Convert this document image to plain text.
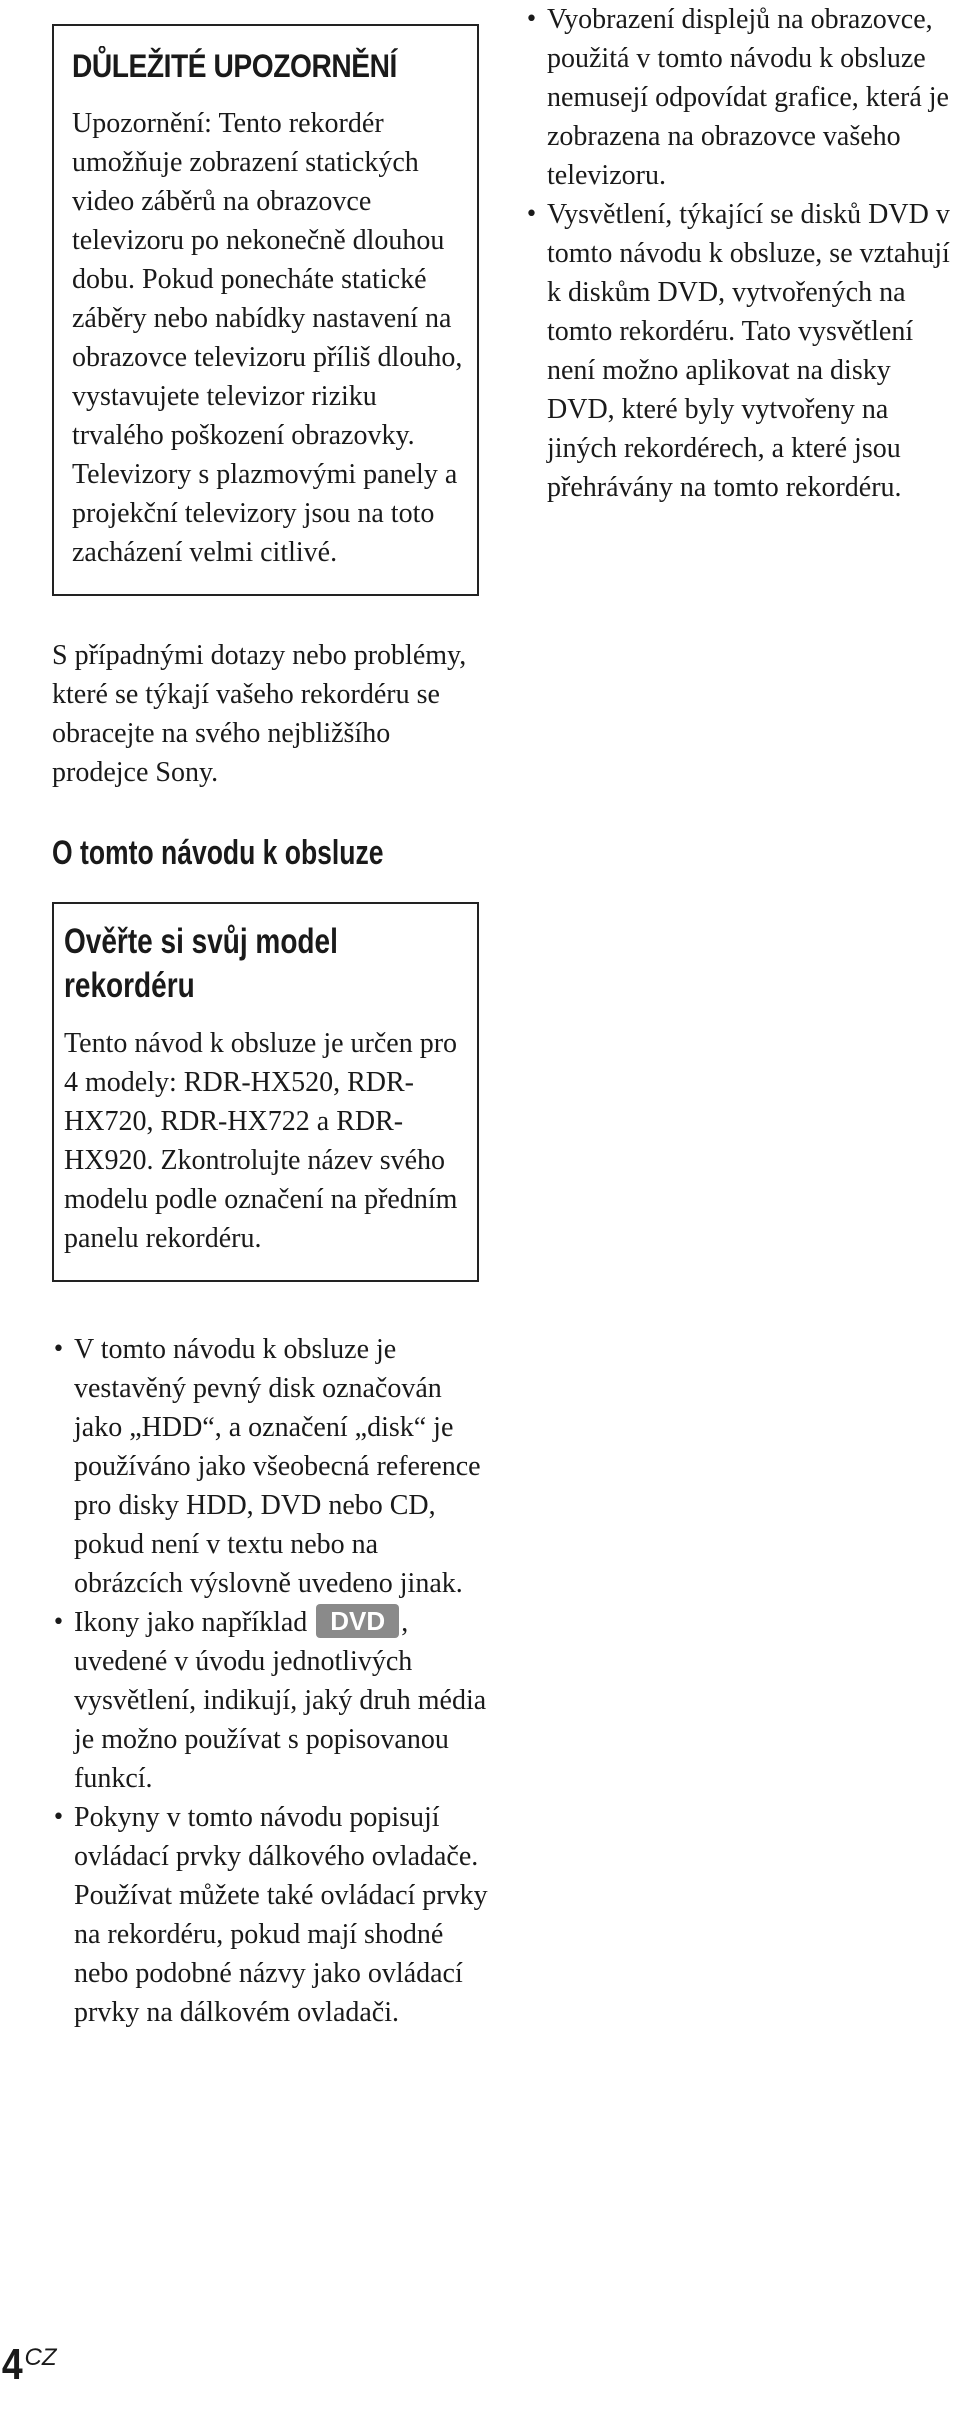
DŮLEŽITÉ UPOZORNĚNÍ

Upozornění: Tento rekordér umožňuje zobrazení statických video záběrů na obrazovce televizoru po nekonečně dlouhou dobu. Pokud ponecháte statické záběry nebo nabídky nastavení na obrazovce televizoru příliš dlouho, vystavujete televizor riziku trvalého poškození obrazovky. Televizory s plazmovými panely a projekční televizory jsou na toto zacházení velmi citlivé.

S případnými dotazy nebo problémy, které se týkají vašeho rekordéru se obracejte na svého nejbližšího prodejce Sony.

O tomto návodu k obsluze
Ověřte si svůj model rekordéru

Tento návod k obsluze je určen pro 4 modely: RDR-HX520, RDR-HX720, RDR-HX722 a RDR-HX920. Zkontrolujte název svého modelu podle označení na předním panelu rekordéru.

• V tomto návodu k obsluze je vestavěný pevný disk označován jako „HDD“, a označení „disk“ je používáno jako všeobecná reference pro disky HDD, DVD nebo CD, pokud není v textu nebo na obrázcích výslovně uvedeno jinak.
• Ikony jako například DVD , uvedené v úvodu jednotlivých vysvětlení, indikují, jaký druh média je možno používat s popisovanou funkcí.
• Pokyny v tomto návodu popisují ovládací prvky dálkového ovladače. Používat můžete také ovládací prvky na rekordéru, pokud mají shodné nebo podobné názvy jako ovládací prvky na dálkovém ovladači.
• Vyobrazení displejů na obrazovce, použitá v tomto návodu k obsluze nemusejí odpovídat grafice, která je zobrazena na obrazovce vašeho televizoru.
• Vysvětlení, týkající se disků DVD v tomto návodu k obsluze, se vztahují k diskům DVD, vytvořených na tomto rekordéru. Tato vysvětlení není možno aplikovat na disky DVD, které byly vytvořeny na jiných rekordérech, a které jsou přehrávány na tomto rekordéru.
4CZ
